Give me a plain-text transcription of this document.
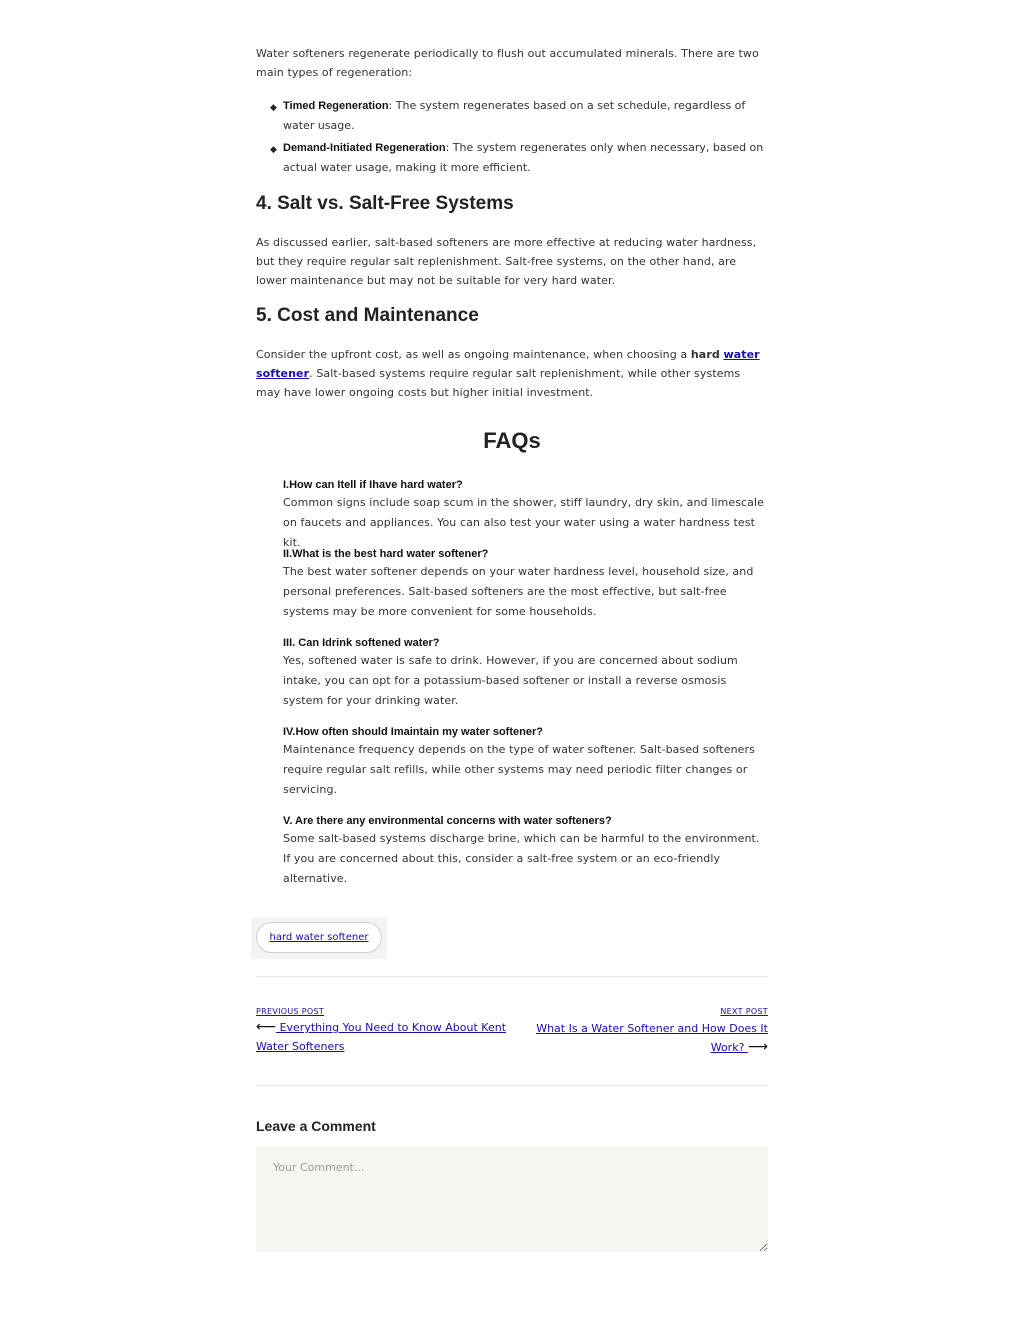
Water softeners regenerate periodically to flush out accumulated minerals. There are two main types of regeneration:

◆ Timed Regeneration: The system regenerates based on a set schedule, regardless of water usage.
◆ Demand-Initiated Regeneration: The system regenerates only when necessary, based on actual water usage, making it more efficient.
4. Salt vs. Salt-Free Systems

As discussed earlier, salt-based softeners are more effective at reducing water hardness, but they require regular salt replenishment. Salt-free systems, on the other hand, are lower maintenance but may not be suitable for very hard water.

5. Cost and Maintenance

Consider the upfront cost, as well as ongoing maintenance, when choosing a hard water softener. Salt-based systems require regular salt replenishment, while other systems may have lower ongoing costs but higher initial investment.

FAQs
I.How can Itell if Ihave hard water?
Common signs include soap scum in the shower, stiff laundry, dry skin, and limescale on faucets and appliances. You can also test your water using a water hardness test kit.
II.What is the best hard water softener?
The best water softener depends on your water hardness level, household size, and personal preferences. Salt-based softeners are the most effective, but salt-free systems may be more convenient for some households.
III. Can Idrink softened water?
Yes, softened water is safe to drink. However, if you are concerned about sodium intake, you can opt for a potassium-based softener or install a reverse osmosis system for your drinking water.
IV.How often should Imaintain my water softener?
Maintenance frequency depends on the type of water softener. Salt-based softeners require regular salt refills, while other systems may need periodic filter changes or servicing.
V. Are there any environmental concerns with water softeners?
Some salt-based systems discharge brine, which can be harmful to the environment. If you are concerned about this, consider a salt-free system or an eco-friendly alternative.
hard water softener
PREVIOUS POST
⟵ Everything You Need to Know About Kent Water Softeners
NEXT POST
What Is a Water Softener and How Does It Work? ⟶
Leave a Comment
Your Comment...
